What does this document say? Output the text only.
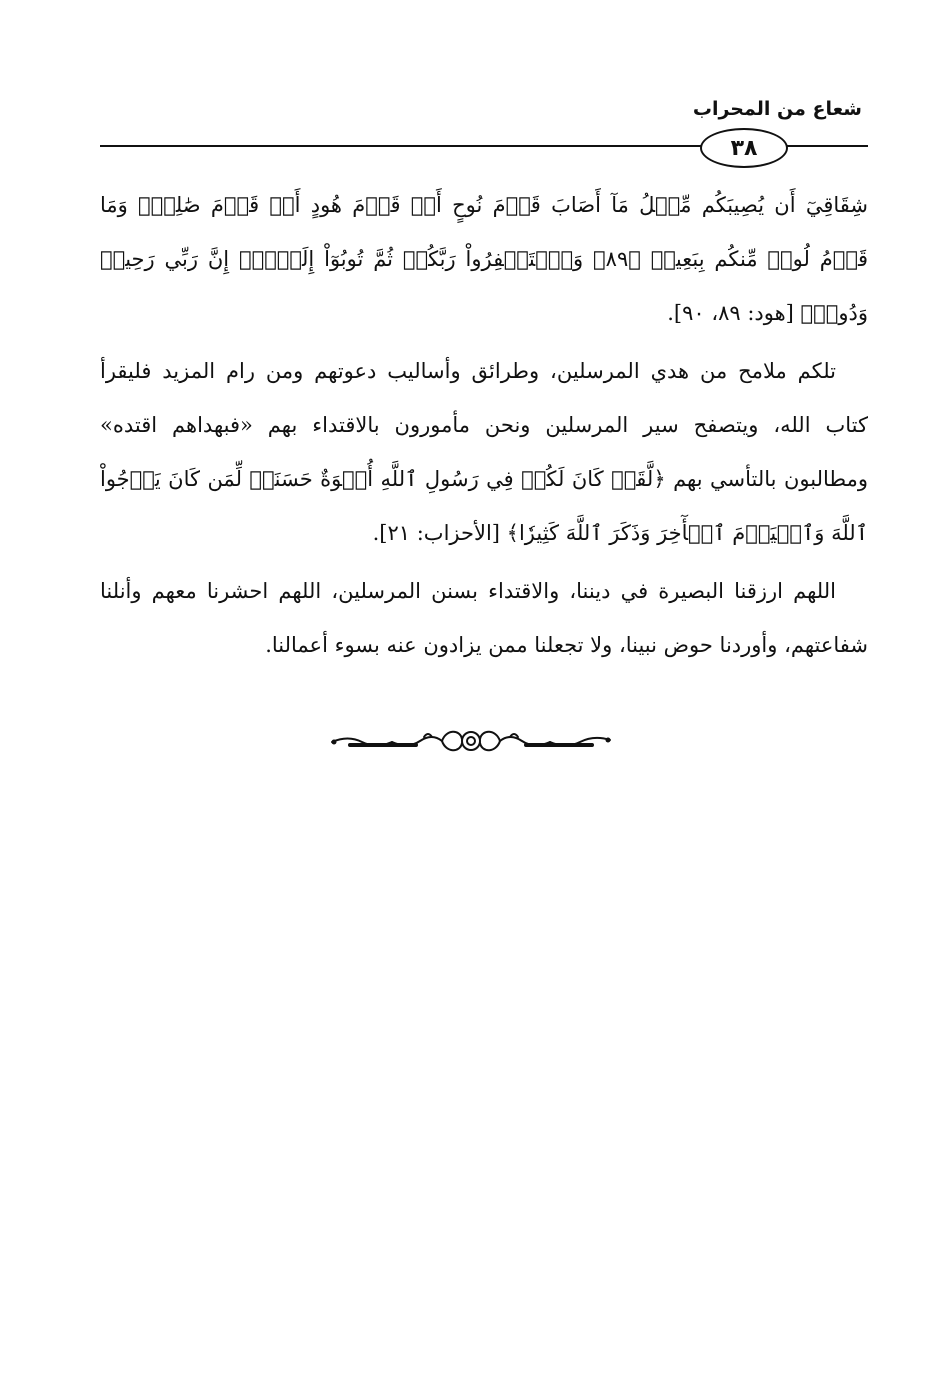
شعاع من المحراب
٣٨

شِقَاقِيٓ أَن يُصِيبَكُم مِّثۡلُ مَآ أَصَابَ قَوۡمَ نُوحٍ أَوۡ قَوۡمَ هُودٍ أَوۡ قَوۡمَ صَٰلِحٖۚ وَمَا قَوۡمُ لُوطٖ مِّنكُم بِبَعِيدٖ ﴿٨٩﴾ وَٱسۡتَغۡفِرُواْ رَبَّكُمۡ ثُمَّ تُوبُوٓاْ إِلَيۡهِۚ إِنَّ رَبِّي رَحِيمٞ وَدُودٞ﴾ [هود: ٨٩، ٩٠].

تلكم ملامح من هدي المرسلين، وطرائق وأساليب دعوتهم ومن رام المزيد فليقرأ كتاب الله، ويتصفح سير المرسلين ونحن مأمورون بالاقتداء بهم «فبهداهم اقتده» ومطالبون بالتأسي بهم ﴿لَّقَدۡ كَانَ لَكُمۡ فِي رَسُولِ ٱللَّهِ أُسۡوَةٌ حَسَنَةٞ لِّمَن كَانَ يَرۡجُواْ ٱللَّهَ وَٱلۡيَوۡمَ ٱلۡأٓخِرَ وَذَكَرَ ٱللَّهَ كَثِيرٗا﴾ [الأحزاب: ٢١].

اللهم ارزقنا البصيرة في ديننا، والاقتداء بسنن المرسلين، اللهم احشرنا معهم وأنلنا شفاعتهم، وأوردنا حوض نبينا، ولا تجعلنا ممن يزادون عنه بسوء أعمالنا.
